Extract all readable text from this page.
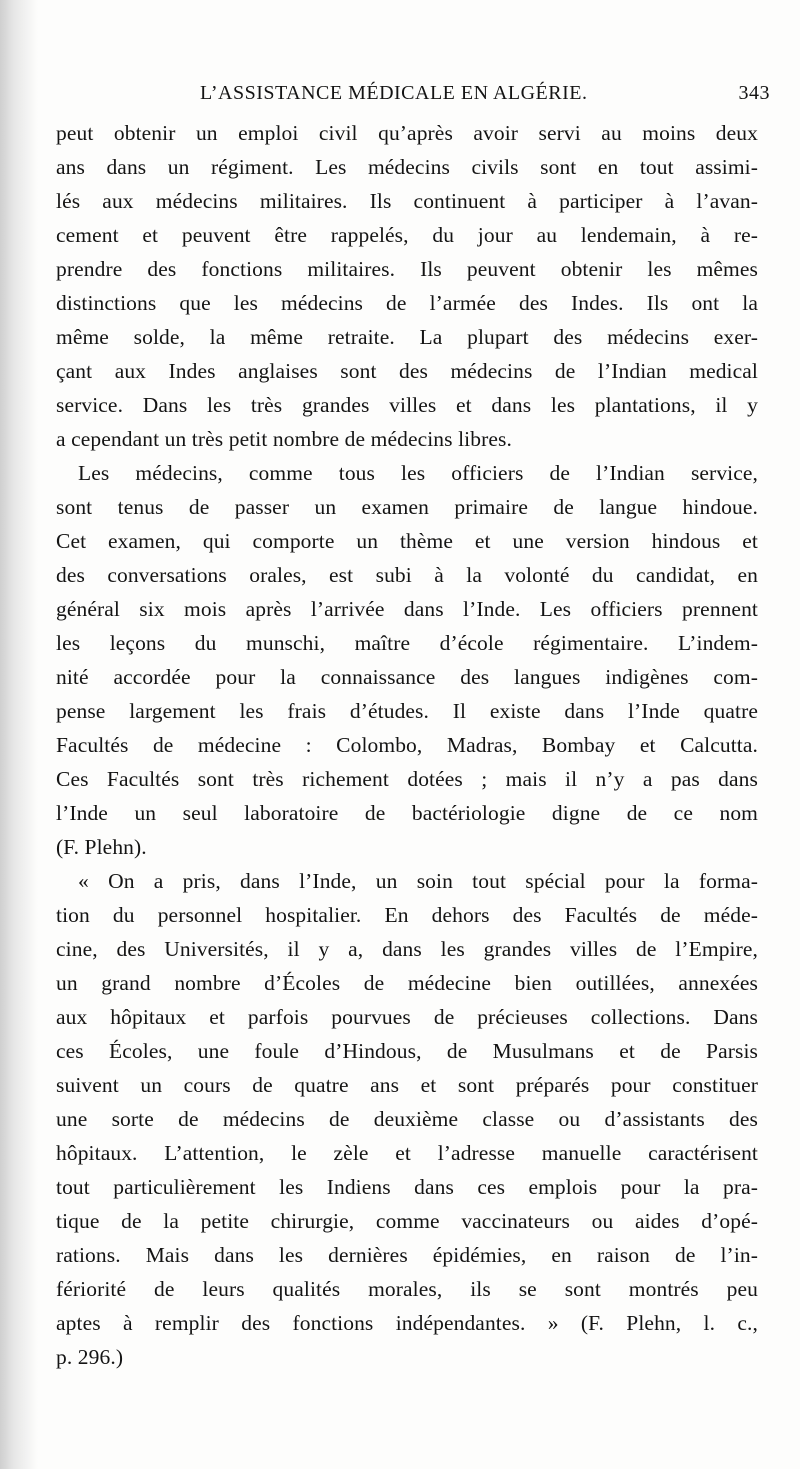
L’ASSISTANCE MÉDICALE EN ALGÉRIE.	343
peut obtenir un emploi civil qu’après avoir servi au moins deux
ans dans un régiment. Les médecins civils sont en tout assimi-
lés aux médecins militaires. Ils continuent à participer à l’avan-
cement et peuvent être rappelés, du jour au lendemain, à re-
prendre des fonctions militaires. Ils peuvent obtenir les mêmes
distinctions que les médecins de l’armée des Indes. Ils ont la
même solde, la même retraite. La plupart des médecins exer-
çant aux Indes anglaises sont des médecins de l’Indian medical
service. Dans les très grandes villes et dans les plantations, il y
a cependant un très petit nombre de médecins libres.
Les médecins, comme tous les officiers de l’Indian service,
sont tenus de passer un examen primaire de langue hindoue.
Cet examen, qui comporte un thème et une version hindous et
des conversations orales, est subi à la volonté du candidat, en
général six mois après l’arrivée dans l’Inde. Les officiers prennent
les leçons du munschi, maître d’école régimentaire. L’indem-
nité accordée pour la connaissance des langues indigènes com-
pense largement les frais d’études. Il existe dans l’Inde quatre
Facultés de médecine : Colombo, Madras, Bombay et Calcutta.
Ces Facultés sont très richement dotées ; mais il n’y a pas dans
l’Inde un seul laboratoire de bactériologie digne de ce nom
(F. Plehn).
« On a pris, dans l’Inde, un soin tout spécial pour la forma-
tion du personnel hospitalier. En dehors des Facultés de méde-
cine, des Universités, il y a, dans les grandes villes de l’Empire,
un grand nombre d’Écoles de médecine bien outillées, annexées
aux hôpitaux et parfois pourvues de précieuses collections. Dans
ces Écoles, une foule d’Hindous, de Musulmans et de Parsis
suivent un cours de quatre ans et sont préparés pour constituer
une sorte de médecins de deuxième classe ou d’assistants des
hôpitaux. L’attention, le zèle et l’adresse manuelle caractérisent
tout particulièrement les Indiens dans ces emplois pour la pra-
tique de la petite chirurgie, comme vaccinateurs ou aides d’opé-
rations. Mais dans les dernières épidémies, en raison de l’in-
fériorité de leurs qualités morales, ils se sont montrés peu
aptes à remplir des fonctions indépendantes. » (F. Plehn, l. c.,
p. 296.)
